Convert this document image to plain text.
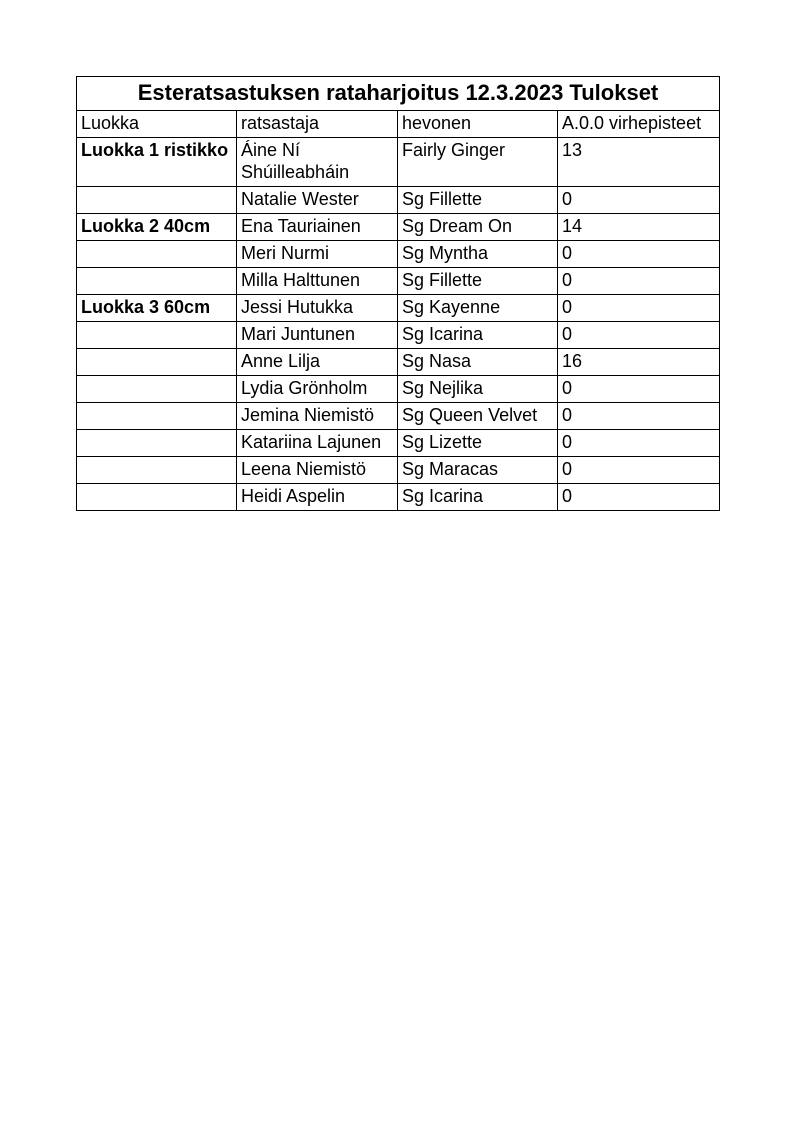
Esteratsastuksen rataharjoitus 12.3.2023 Tulokset			
Luokka	ratsastaja	hevonen	A.0.0 virhepisteet
Luokka 1 ristikko	Áine Ní Shúilleabháin	Fairly Ginger	13
	Natalie Wester	Sg Fillette	0
Luokka 2 40cm	Ena Tauriainen	Sg Dream On	14
	Meri Nurmi	Sg Myntha	0
	Milla Halttunen	Sg Fillette	0
Luokka 3 60cm	Jessi Hutukka	Sg Kayenne	0
	Mari Juntunen	Sg Icarina	0
	Anne Lilja	Sg Nasa	16
	Lydia Grönholm	Sg Nejlika	0
	Jemina Niemistö	Sg Queen Velvet	0
	Katariina Lajunen	Sg Lizette	0
	Leena Niemistö	Sg Maracas	0
	Heidi Aspelin	Sg Icarina	0
